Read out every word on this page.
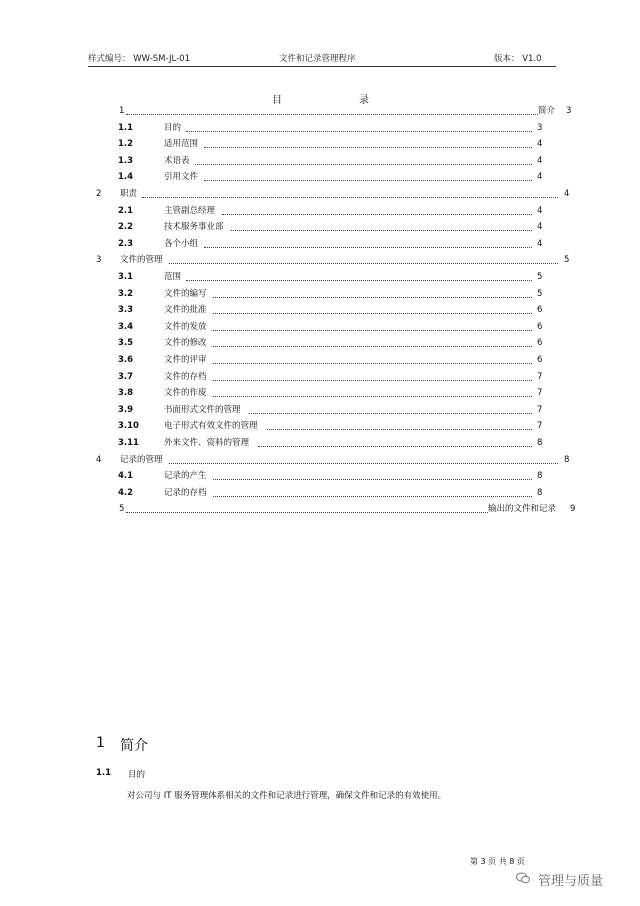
样式编号： WW-SM-JL-01	文件和记录管理程序	版本： V1.0
目	录
1	简介 3
1.1	目的	3
1.2	适用范围	4
1.3	术语表	4
1.4	引用文件	4
2 职责	4
2.1	主管副总经理	4
2.2	技术服务事业部	4
2.3	各个小组	4
3 文件的管理	5
3.1	范围	5
3.2	文件的编写	5
3.3	文件的批准	6
3.4	文件的发放	6
3.5	文件的修改	6
3.6	文件的评审	6
3.7	文件的存档	7
3.8	文件的作废	7
3.9	书面形式文件的管理	7
3.10	电子形式有效文件的管理	7
3.11	外来文件、资料的管理	8
4 记录的管理	8
4.1	记录的产生	8
4.2	记录的存档	8
5	输出的文件和记录 9
1 简介
1.1 目的
对公司与 IT 服务管理体系相关的文件和记录进行管理，确保文件和记录的有效使用。
第 3 页 共 8 页
管理与质量
